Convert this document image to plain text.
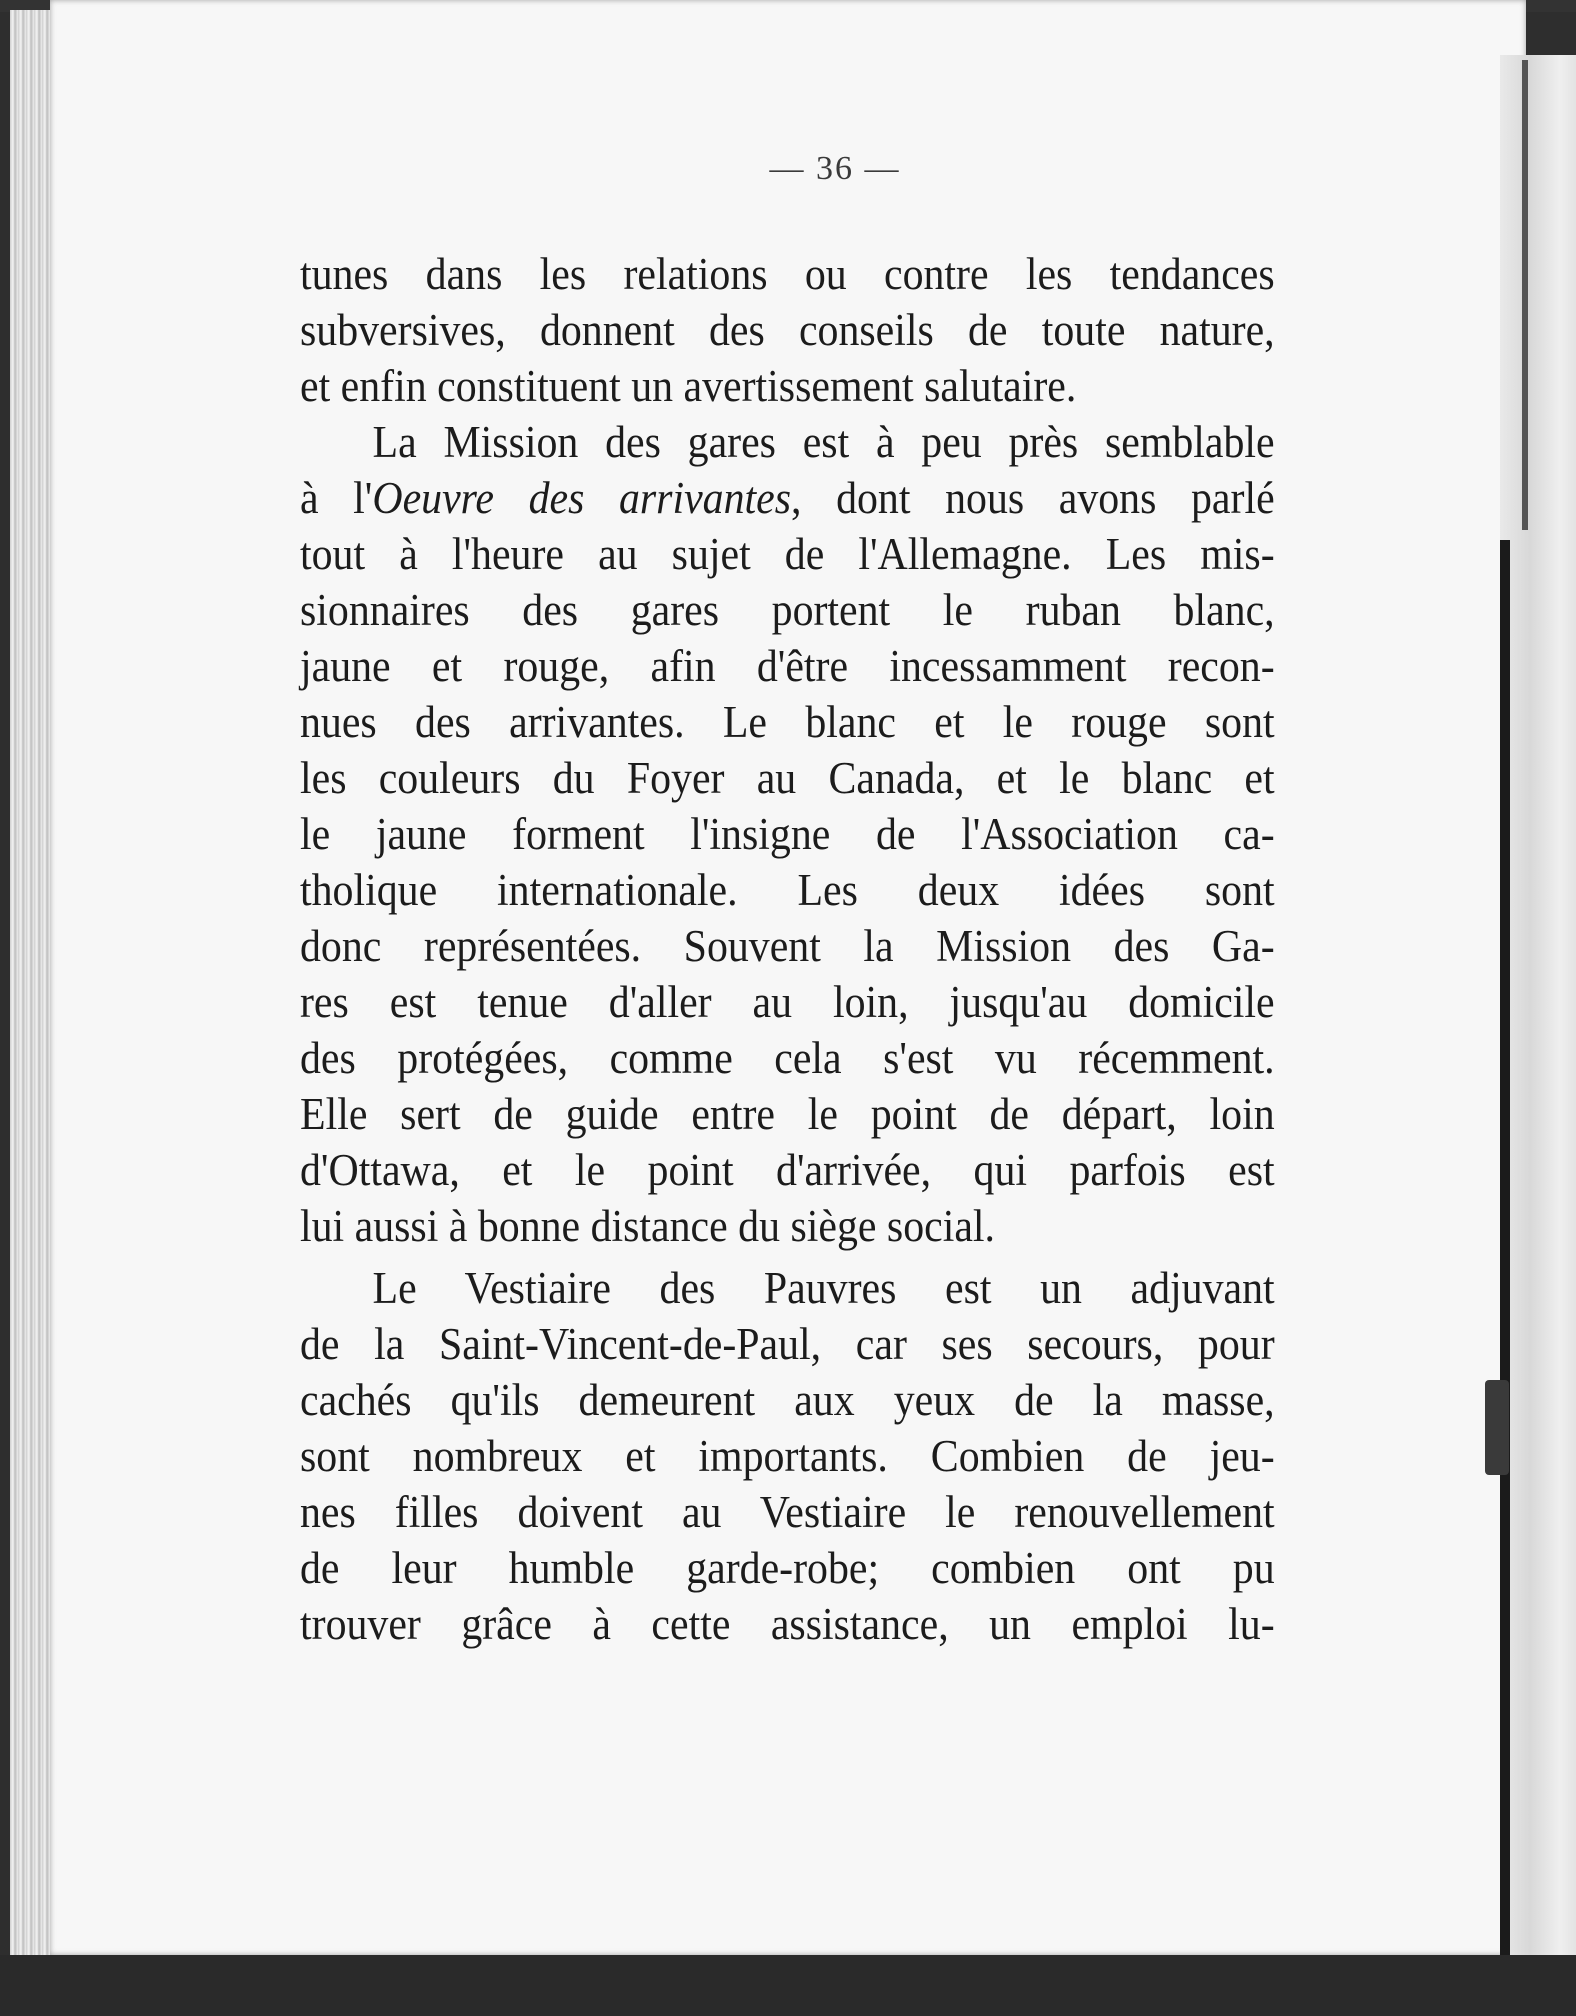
— 36 —
tunes dans les relations ou contre les tendances
subversives, donnent des conseils de toute nature,
et enfin constituent un avertissement salutaire.
La Mission des gares est à peu près semblable
à l'Oeuvre des arrivantes, dont nous avons parlé
tout à l'heure au sujet de l'Allemagne. Les mis-
sionnaires des gares portent le ruban blanc,
jaune et rouge, afin d'être incessamment recon-
nues des arrivantes. Le blanc et le rouge sont
les couleurs du Foyer au Canada, et le blanc et
le jaune forment l'insigne de l'Association ca-
tholique internationale. Les deux idées sont
donc représentées. Souvent la Mission des Ga-
res est tenue d'aller au loin, jusqu'au domicile
des protégées, comme cela s'est vu récemment.
Elle sert de guide entre le point de départ, loin
d'Ottawa, et le point d'arrivée, qui parfois est
lui aussi à bonne distance du siège social.
Le Vestiaire des Pauvres est un adjuvant
de la Saint-Vincent-de-Paul, car ses secours, pour
cachés qu'ils demeurent aux yeux de la masse,
sont nombreux et importants. Combien de jeu-
nes filles doivent au Vestiaire le renouvellement
de leur humble garde-robe; combien ont pu
trouver grâce à cette assistance, un emploi lu-
